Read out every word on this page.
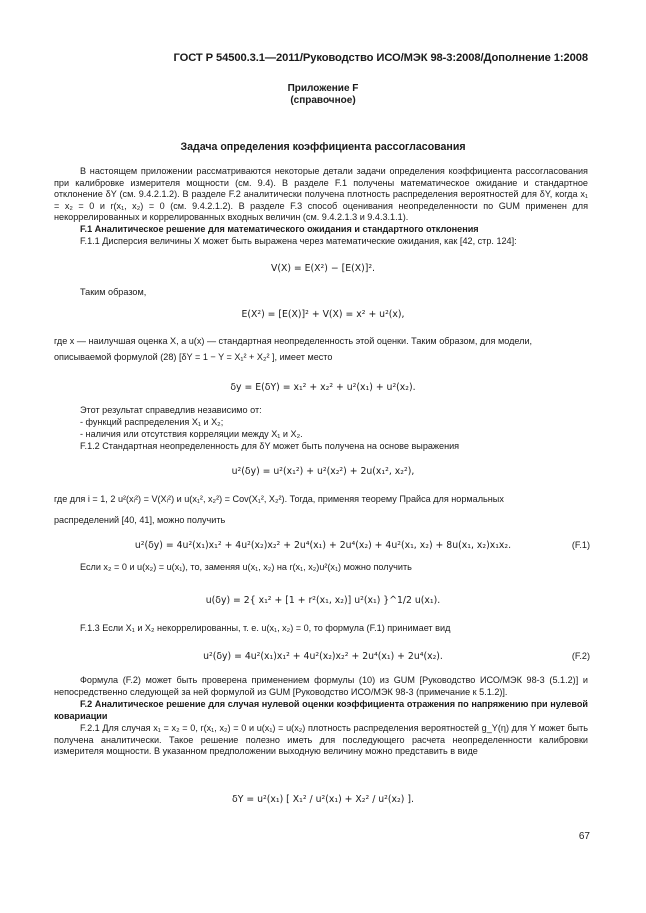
ГОСТ Р 54500.3.1—2011/Руководство ИСО/МЭК 98-3:2008/Дополнение 1:2008
Приложение F
(справочное)
Задача определения коэффициента рассогласования
В настоящем приложении рассматриваются некоторые детали задачи определения коэффициента рассогласования при калибровке измерителя мощности (см. 9.4). В разделе F.1 получены математическое ожидание и стандартное отклонение δY (см. 9.4.2.1.2). В разделе F.2 аналитически получена плотность распределения вероятностей для δY, когда x₁ = x₂ = 0 и r(x₁, x₂) = 0 (см. 9.4.2.1.2). В разделе F.3 способ оценивания неопределенности по GUM применен для некоррелированных и коррелированных входных величин (см. 9.4.2.1.3 и 9.4.3.1.1).
F.1 Аналитическое решение для математического ожидания и стандартного отклонения
F.1.1 Дисперсия величины X может быть выражена через математические ожидания, как [42, стр. 124]:
V(X) = E(X²) − [E(X)]².
Таким образом,
E(X²) = [E(X)]² + V(X) = x² + u²(x),
где x — наилучшая оценка X, а u(x) — стандартная неопределенность этой оценки. Таким образом, для модели,
описываемой формулой (28) [δY = 1 − Y = X₁² + X₂² ], имеет место
δy = E(δY) = x₁² + x₂² + u²(x₁) + u²(x₂).
Этот результат справедлив независимо от:
- функций распределения X₁ и X₂;
- наличия или отсутствия корреляции между X₁ и X₂.
F.1.2 Стандартная неопределенность для δY может быть получена на основе выражения
u²(δy) = u²(x₁²) + u²(x₂²) + 2u(x₁², x₂²),
где для i = 1, 2 u²(xᵢ²) = V(Xᵢ²) и u(x₁², x₂²) = Cov(X₁², X₂²). Тогда, применяя теорему Прайса для нормальных
распределений [40, 41], можно получить
u²(δy) = 4u²(x₁)x₁² + 4u²(x₂)x₂² + 2u⁴(x₁) + 2u⁴(x₂) + 4u²(x₁, x₂) + 8u(x₁, x₂)x₁x₂.	(F.1)
Если x₂ = 0 и u(x₂) = u(x₁), то, заменяя u(x₁, x₂) на r(x₁, x₂)u²(x₁) можно получить
u(δy) = 2{ x₁² + [1 + r²(x₁, x₂)] u²(x₁) }^1/2 u(x₁).
F.1.3 Если X₁ и X₂ некоррелированны, т. е. u(x₁, x₂) = 0, то формула (F.1) принимает вид
u²(δy) = 4u²(x₁)x₁² + 4u²(x₂)x₂² + 2u⁴(x₁) + 2u⁴(x₂).	(F.2)
Формула (F.2) может быть проверена применением формулы (10) из GUM [Руководство ИСО/МЭК 98-3 (5.1.2)] и непосредственно следующей за ней формулой из GUM [Руководство ИСО/МЭК 98-3 (примечание к 5.1.2)].
F.2 Аналитическое решение для случая нулевой оценки коэффициента отражения по напряжению при нулевой ковариации
F.2.1 Для случая x₁ = x₂ = 0, r(x₁, x₂) = 0 и u(x₁) = u(x₂) плотность распределения вероятностей g_Y(η) для Y может быть получена аналитически. Такое решение полезно иметь для последующего расчета неопределенности калибровки измерителя мощности. В указанном предположении выходную величину можно представить в виде
δY = u²(x₁) [ X₁² / u²(x₁) + X₂² / u²(x₂) ].
67
